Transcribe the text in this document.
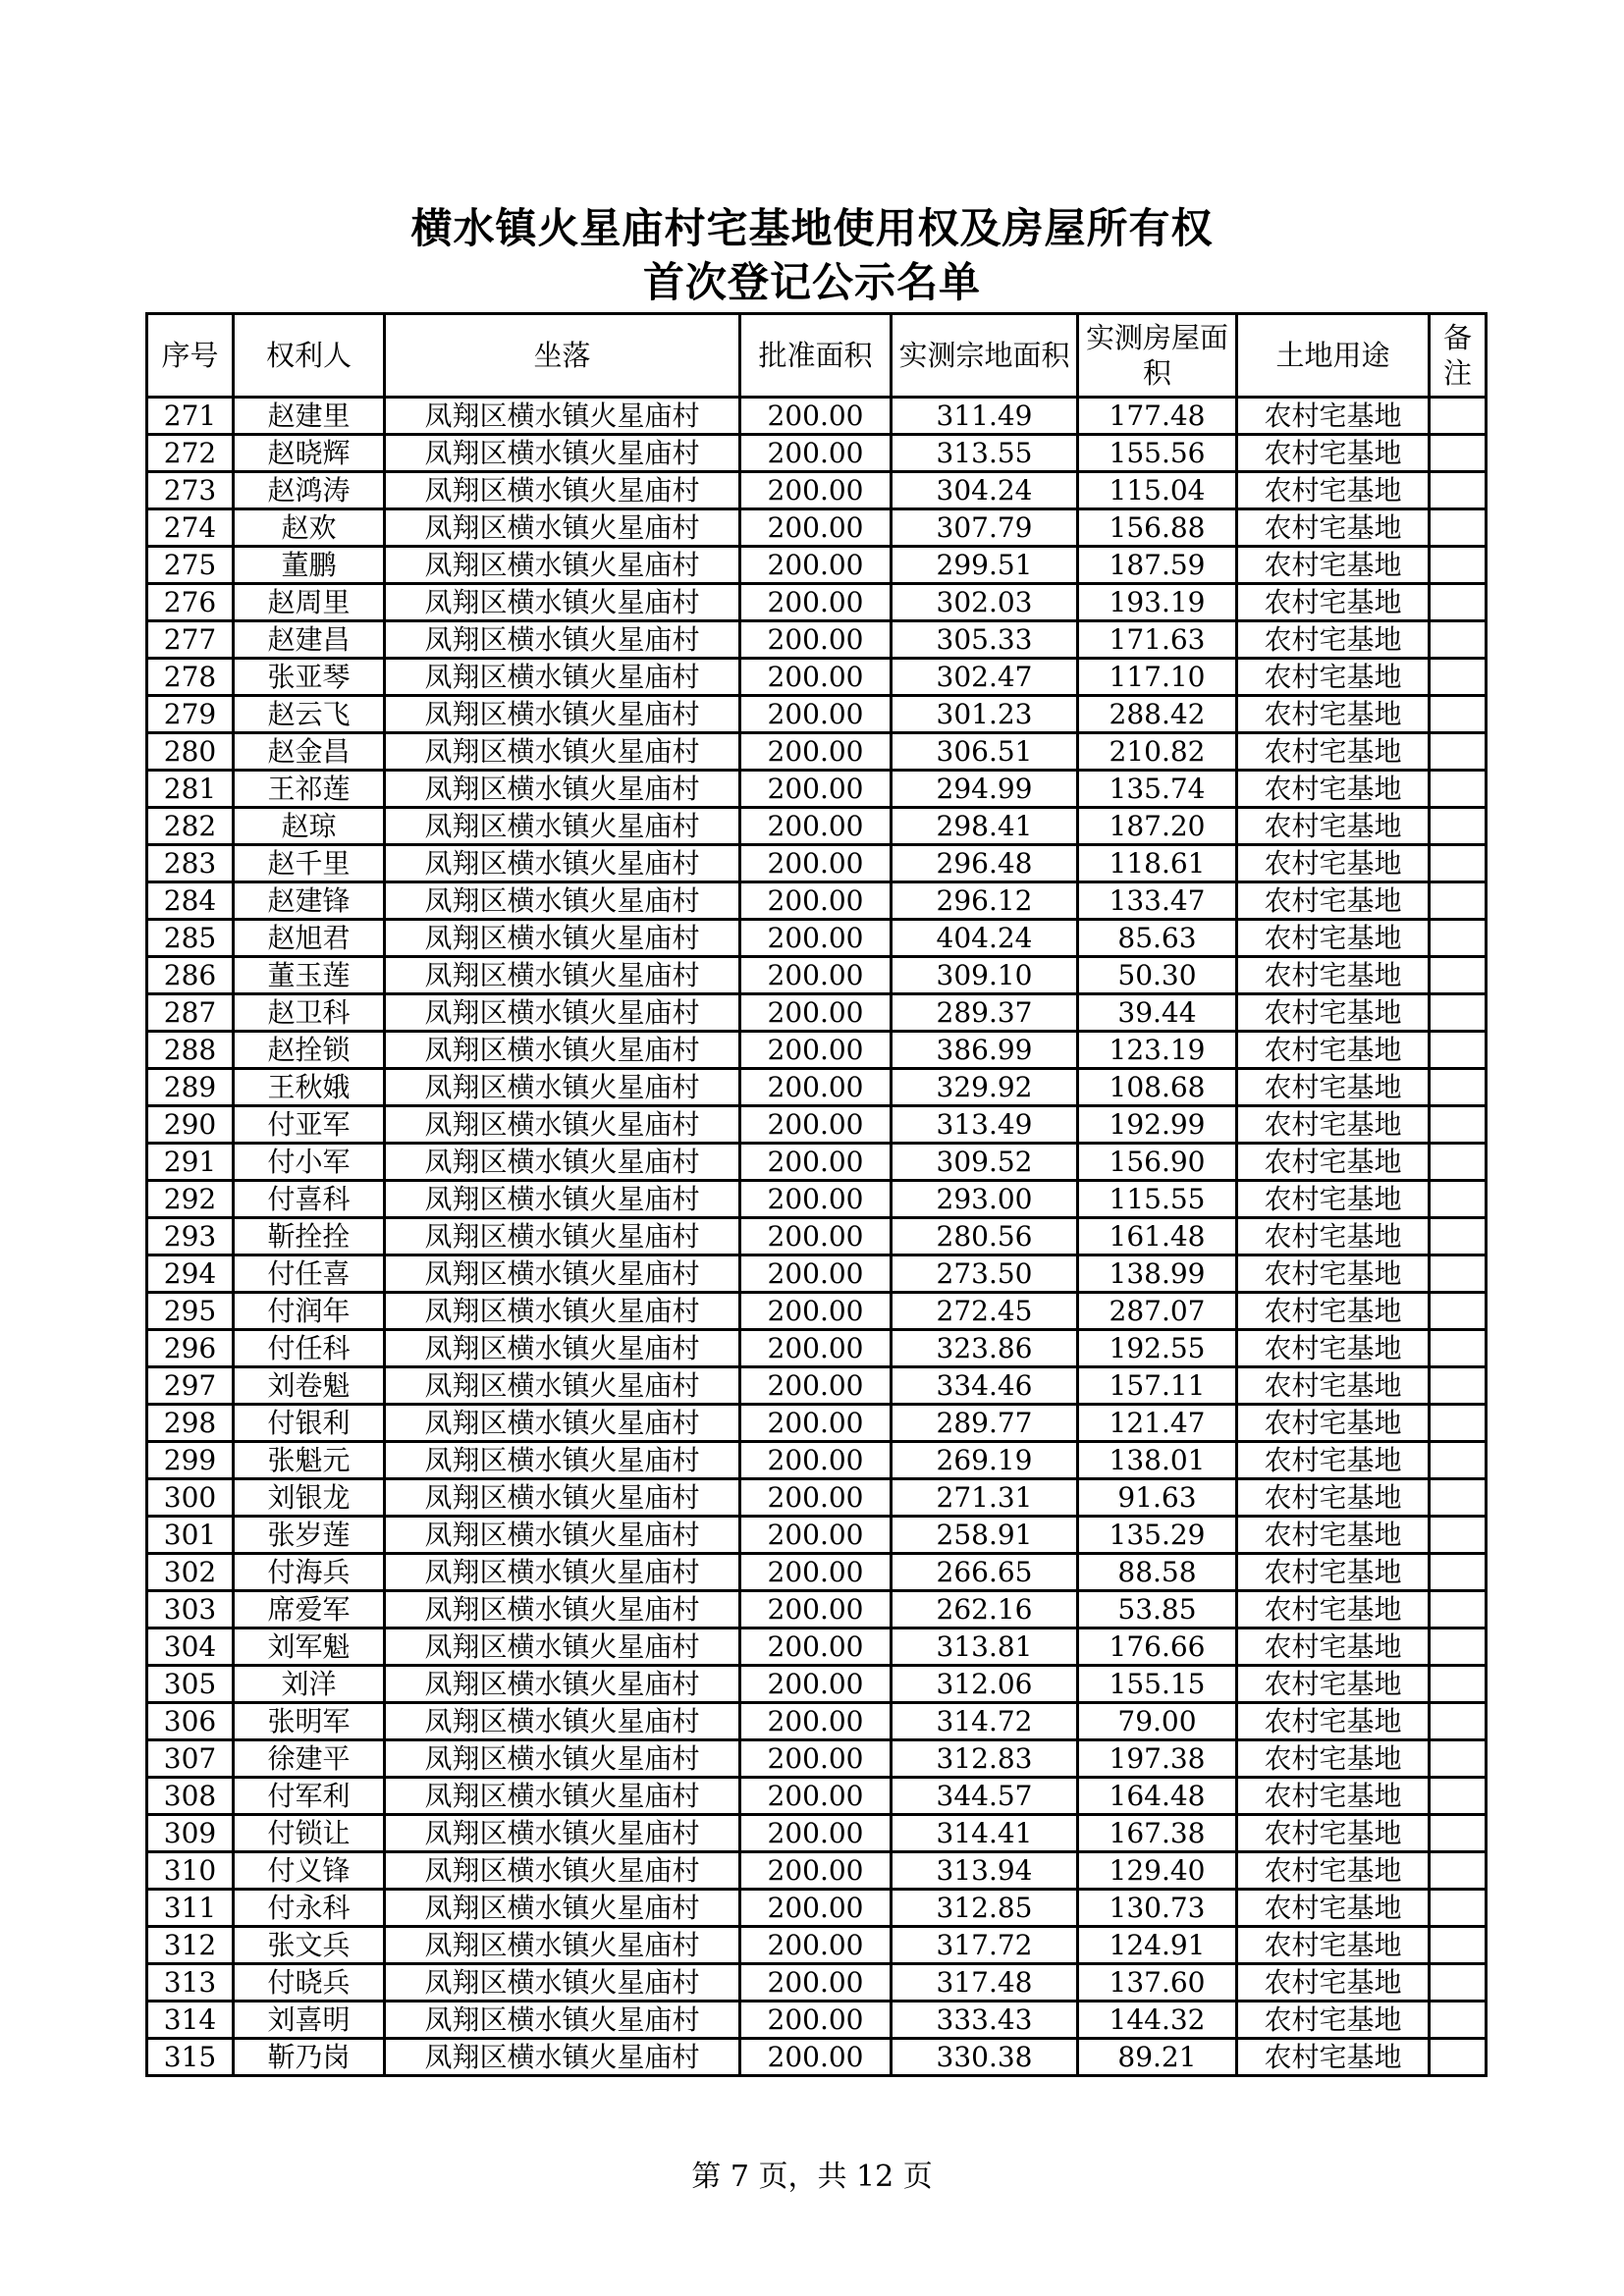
横水镇火星庙村宅基地使用权及房屋所有权
首次登记公示名单
序号	权利人	坐落	批准面积	实测宗地面积	实测房屋面积	土地用途	备注
271	赵建里	凤翔区横水镇火星庙村	200.00	311.49	177.48	农村宅基地	
272	赵晓辉	凤翔区横水镇火星庙村	200.00	313.55	155.56	农村宅基地	
273	赵鸿涛	凤翔区横水镇火星庙村	200.00	304.24	115.04	农村宅基地	
274	赵欢	凤翔区横水镇火星庙村	200.00	307.79	156.88	农村宅基地	
275	董鹏	凤翔区横水镇火星庙村	200.00	299.51	187.59	农村宅基地	
276	赵周里	凤翔区横水镇火星庙村	200.00	302.03	193.19	农村宅基地	
277	赵建昌	凤翔区横水镇火星庙村	200.00	305.33	171.63	农村宅基地	
278	张亚琴	凤翔区横水镇火星庙村	200.00	302.47	117.10	农村宅基地	
279	赵云飞	凤翔区横水镇火星庙村	200.00	301.23	288.42	农村宅基地	
280	赵金昌	凤翔区横水镇火星庙村	200.00	306.51	210.82	农村宅基地	
281	王祁莲	凤翔区横水镇火星庙村	200.00	294.99	135.74	农村宅基地	
282	赵琼	凤翔区横水镇火星庙村	200.00	298.41	187.20	农村宅基地	
283	赵千里	凤翔区横水镇火星庙村	200.00	296.48	118.61	农村宅基地	
284	赵建锋	凤翔区横水镇火星庙村	200.00	296.12	133.47	农村宅基地	
285	赵旭君	凤翔区横水镇火星庙村	200.00	404.24	85.63	农村宅基地	
286	董玉莲	凤翔区横水镇火星庙村	200.00	309.10	50.30	农村宅基地	
287	赵卫科	凤翔区横水镇火星庙村	200.00	289.37	39.44	农村宅基地	
288	赵拴锁	凤翔区横水镇火星庙村	200.00	386.99	123.19	农村宅基地	
289	王秋娥	凤翔区横水镇火星庙村	200.00	329.92	108.68	农村宅基地	
290	付亚军	凤翔区横水镇火星庙村	200.00	313.49	192.99	农村宅基地	
291	付小军	凤翔区横水镇火星庙村	200.00	309.52	156.90	农村宅基地	
292	付喜科	凤翔区横水镇火星庙村	200.00	293.00	115.55	农村宅基地	
293	靳拴拴	凤翔区横水镇火星庙村	200.00	280.56	161.48	农村宅基地	
294	付任喜	凤翔区横水镇火星庙村	200.00	273.50	138.99	农村宅基地	
295	付润年	凤翔区横水镇火星庙村	200.00	272.45	287.07	农村宅基地	
296	付任科	凤翔区横水镇火星庙村	200.00	323.86	192.55	农村宅基地	
297	刘卷魁	凤翔区横水镇火星庙村	200.00	334.46	157.11	农村宅基地	
298	付银利	凤翔区横水镇火星庙村	200.00	289.77	121.47	农村宅基地	
299	张魁元	凤翔区横水镇火星庙村	200.00	269.19	138.01	农村宅基地	
300	刘银龙	凤翔区横水镇火星庙村	200.00	271.31	91.63	农村宅基地	
301	张岁莲	凤翔区横水镇火星庙村	200.00	258.91	135.29	农村宅基地	
302	付海兵	凤翔区横水镇火星庙村	200.00	266.65	88.58	农村宅基地	
303	席爱军	凤翔区横水镇火星庙村	200.00	262.16	53.85	农村宅基地	
304	刘军魁	凤翔区横水镇火星庙村	200.00	313.81	176.66	农村宅基地	
305	刘洋	凤翔区横水镇火星庙村	200.00	312.06	155.15	农村宅基地	
306	张明军	凤翔区横水镇火星庙村	200.00	314.72	79.00	农村宅基地	
307	徐建平	凤翔区横水镇火星庙村	200.00	312.83	197.38	农村宅基地	
308	付军利	凤翔区横水镇火星庙村	200.00	344.57	164.48	农村宅基地	
309	付锁让	凤翔区横水镇火星庙村	200.00	314.41	167.38	农村宅基地	
310	付义锋	凤翔区横水镇火星庙村	200.00	313.94	129.40	农村宅基地	
311	付永科	凤翔区横水镇火星庙村	200.00	312.85	130.73	农村宅基地	
312	张文兵	凤翔区横水镇火星庙村	200.00	317.72	124.91	农村宅基地	
313	付晓兵	凤翔区横水镇火星庙村	200.00	317.48	137.60	农村宅基地	
314	刘喜明	凤翔区横水镇火星庙村	200.00	333.43	144.32	农村宅基地	
315	靳乃岗	凤翔区横水镇火星庙村	200.00	330.38	89.21	农村宅基地	
第 7 页，共 12 页
